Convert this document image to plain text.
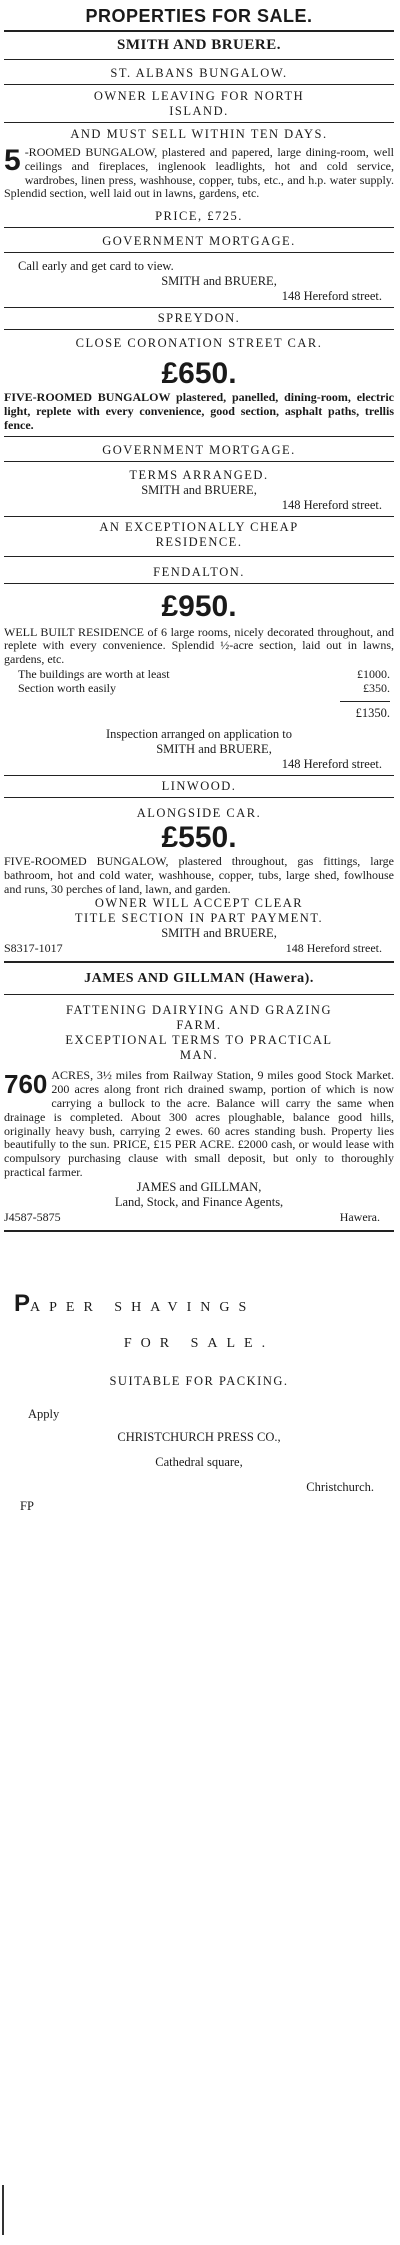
PROPERTIES FOR SALE.
SMITH AND BRUERE.
ST. ALBANS BUNGALOW.
OWNER LEAVING FOR NORTH
ISLAND.
AND MUST SELL WITHIN TEN DAYS.
5 -ROOMED BUNGALOW, plastered and papered, large dining-room, well ceilings and fireplaces, inglenook leadlights, hot and cold service, wardrobes, linen press, washhouse, copper, tubs, etc., and h.p. water supply. Splendid section, well laid out in lawns, gardens, etc.
PRICE, £725.
GOVERNMENT MORTGAGE.
Call early and get card to view.
SMITH and BRUERE,
148 Hereford street.
SPREYDON.
CLOSE CORONATION STREET CAR.
£650.
FIVE-ROOMED BUNGALOW plastered, panelled, dining-room, electric light, replete with every convenience, good section, asphalt paths, trellis fence.
GOVERNMENT MORTGAGE.
TERMS ARRANGED.
SMITH and BRUERE,
148 Hereford street.
AN EXCEPTIONALLY CHEAP
RESIDENCE.
FENDALTON.
£950.
WELL BUILT RESIDENCE of 6 large rooms, nicely decorated throughout, and replete with every convenience. Splendid ½-acre section, laid out in lawns, gardens, etc.
The buildings are worth at least	£1000.
Section worth easily	£350.
£1350.
Inspection arranged on application to
SMITH and BRUERE,
148 Hereford street.
LINWOOD.
ALONGSIDE CAR.
£550.
FIVE-ROOMED BUNGALOW, plastered throughout, gas fittings, large bathroom, hot and cold water, washhouse, copper, tubs, large shed, fowlhouse and runs, 30 perches of land, lawn, and garden.
OWNER WILL ACCEPT CLEAR
TITLE SECTION IN PART PAYMENT.
SMITH and BRUERE,
S8317-1017	148 Hereford street.
JAMES AND GILLMAN (Hawera).
FATTENING DAIRYING AND GRAZING
FARM.
EXCEPTIONAL TERMS TO PRACTICAL
MAN.
760 ACRES, 3½ miles from Railway Station, 9 miles good Stock Market. 200 acres along front rich drained swamp, portion of which is now carrying a bullock to the acre. Balance will carry the same when drainage is completed. About 300 acres ploughable, balance good hills, originally heavy bush, carrying 2 ewes. 60 acres standing bush. Property lies beautifully to the sun. PRICE, £15 PER ACRE. £2000 cash, or would lease with compulsory purchasing clause with small deposit, but only to thoroughly practical farmer.
JAMES and GILLMAN,
Land, Stock, and Finance Agents,
J4587-5875	Hawera.
PAPER SHAVINGS
FOR SALE.
SUITABLE FOR PACKING.
Apply
CHRISTCHURCH PRESS CO.,
Cathedral square,
Christchurch.
FP
